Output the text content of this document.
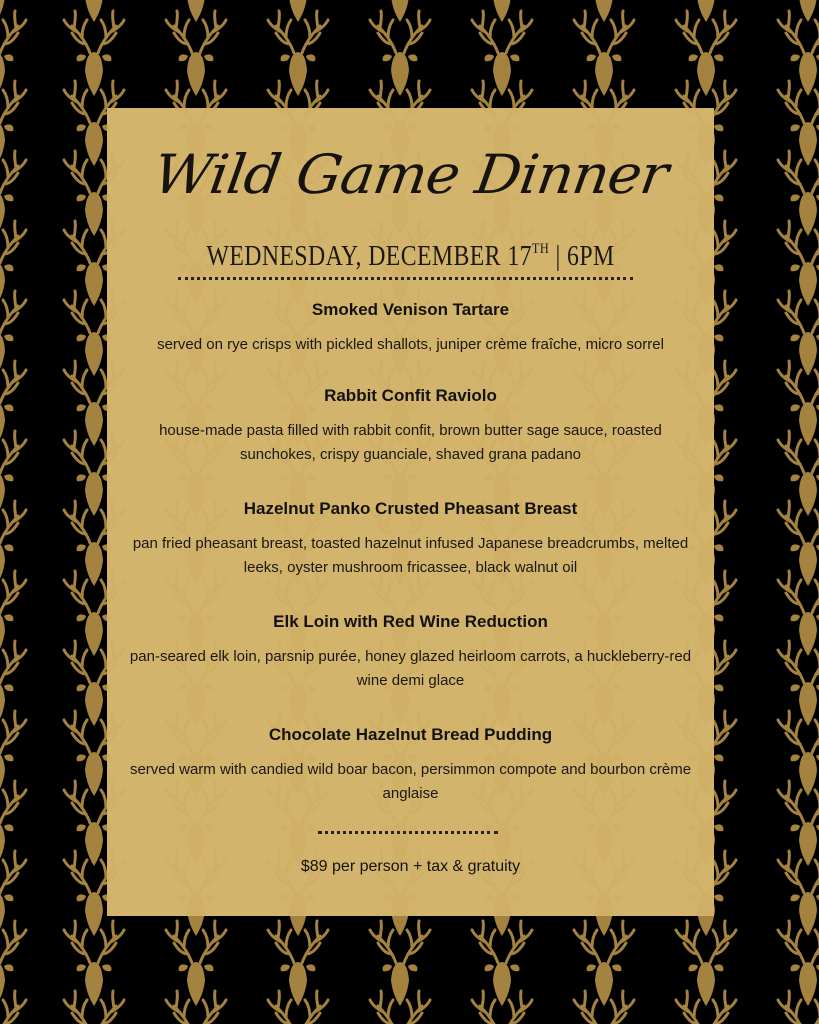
Wild Game Dinner
WEDNESDAY, DECEMBER 17TH | 6PM
Smoked Venison Tartare
served on rye crisps with pickled shallots, juniper crème fraîche, micro sorrel
Rabbit Confit Raviolo
house-made pasta filled with rabbit confit, brown butter sage sauce, roasted sunchokes, crispy guanciale, shaved grana padano
Hazelnut Panko Crusted Pheasant Breast
pan fried pheasant breast, toasted hazelnut infused Japanese breadcrumbs, melted leeks, oyster mushroom fricassee, black walnut oil
Elk Loin with Red Wine Reduction
pan-seared elk loin, parsnip purée, honey glazed heirloom carrots, a huckleberry-red wine demi glace
Chocolate Hazelnut Bread Pudding
served warm with candied wild boar bacon, persimmon compote and bourbon crème anglaise
$89 per person + tax & gratuity
